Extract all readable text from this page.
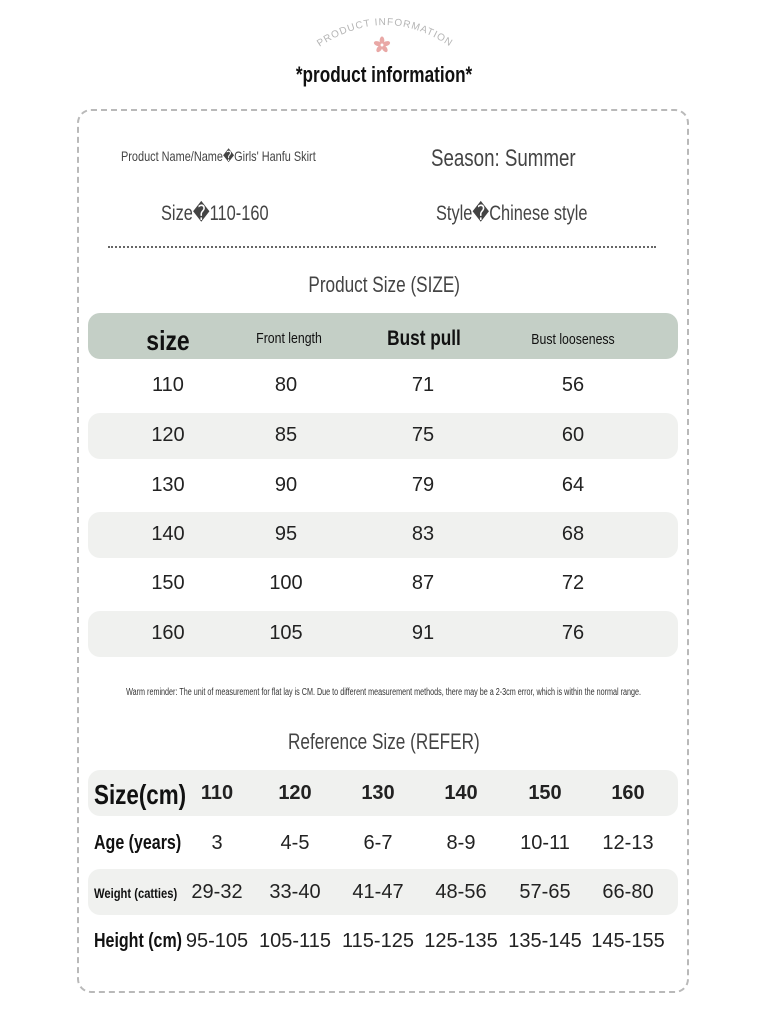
PRODUCT INFORMATION
*product information*
Product Name/Name�Girls' Hanfu Skirt	Season: Summer
Size�110-160	Style�Chinese style
Product Size (SIZE)
size	Front length	Bust pull	Bust looseness
110	80	71	56
120	85	75	60
130	90	79	64
140	95	83	68
150	100	87	72
160	105	91	76
Warm reminder: The unit of measurement for flat lay is CM. Due to different measurement methods, there may be a 2-3cm error, which is within the normal range.
Reference Size (REFER)
Size(cm) 110	120	130	140	150	160
Age (years)	3	4-5	6-7	8-9	10-11	12-13
Weight (catties) 29-32	33-40	41-47	48-56	57-65	66-80
Height (cm) 95-105 105-115 115-125 125-135 135-145 145-155
